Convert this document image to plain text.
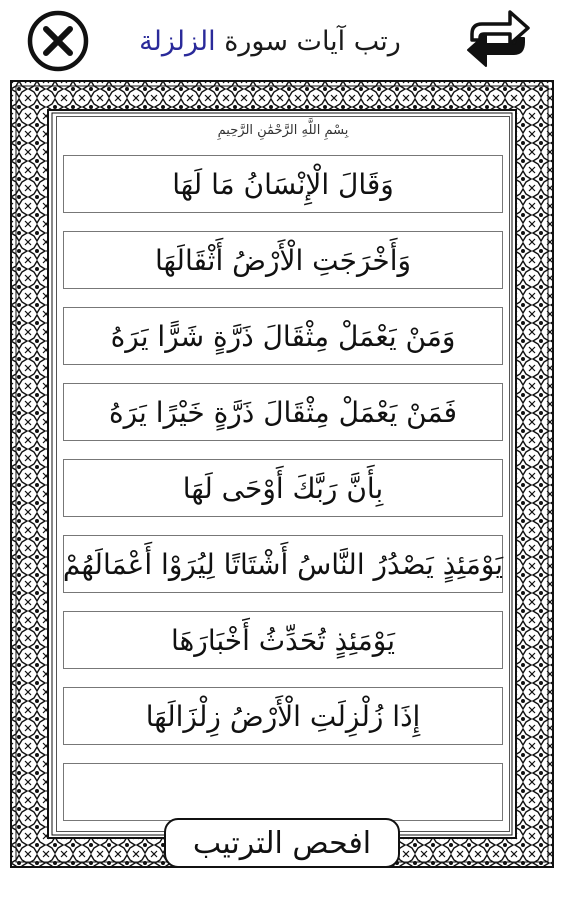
رتب آيات سورة الزلزلة
بِسْمِ اللَّهِ الرَّحْمَٰنِ الرَّحِيمِ
وَقَالَ الْإِنْسَانُ مَا لَهَا
وَأَخْرَجَتِ الْأَرْضُ أَثْقَالَهَا
وَمَنْ يَعْمَلْ مِثْقَالَ ذَرَّةٍ شَرًّا يَرَهُ
فَمَنْ يَعْمَلْ مِثْقَالَ ذَرَّةٍ خَيْرًا يَرَهُ
بِأَنَّ رَبَّكَ أَوْحَى لَهَا
يَوْمَئِذٍ يَصْدُرُ النَّاسُ أَشْتَاتًا لِيُرَوْا أَعْمَالَهُمْ
يَوْمَئِذٍ تُحَدِّثُ أَخْبَارَهَا
إِذَا زُلْزِلَتِ الْأَرْضُ زِلْزَالَهَا
افحص الترتيب
